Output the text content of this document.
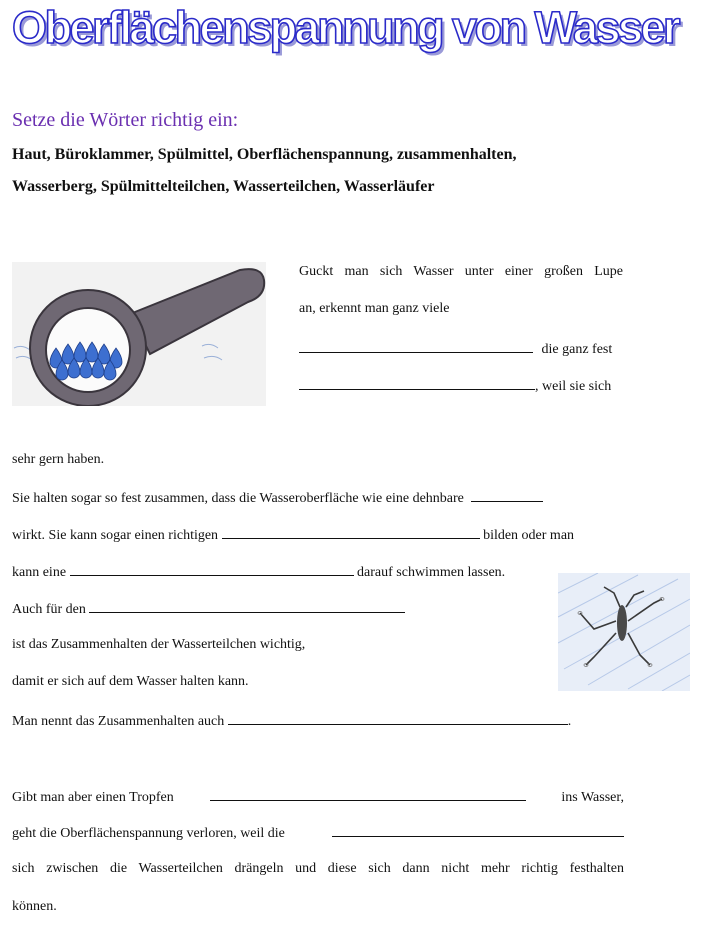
Oberflächenspannung von Wasser
Setze die Wörter richtig ein:
Haut, Büroklammer, Spülmittel, Oberflächenspannung, zusammenhalten,
Wasserberg, Spülmittelteilchen, Wasserteilchen, Wasserläufer
Guckt man sich Wasser unter einer großen Lupe
an, erkennt man ganz viele
die ganz fest
, weil sie sich
sehr gern haben.
Sie halten sogar so fest zusammen, dass die Wasseroberfläche wie eine dehnbare
wirkt. Sie kann sogar einen richtigen	bilden oder man
kann eine	darauf schwimmen lassen.
Auch für den
ist das Zusammenhalten der Wasserteilchen wichtig,
damit er sich auf dem Wasser halten kann.
Man nennt das Zusammenhalten auch	.
Gibt man aber einen Tropfen	ins Wasser,
geht die Oberflächenspannung verloren, weil die
sich zwischen die Wasserteilchen drängeln und diese sich dann nicht mehr richtig festhalten
können.
